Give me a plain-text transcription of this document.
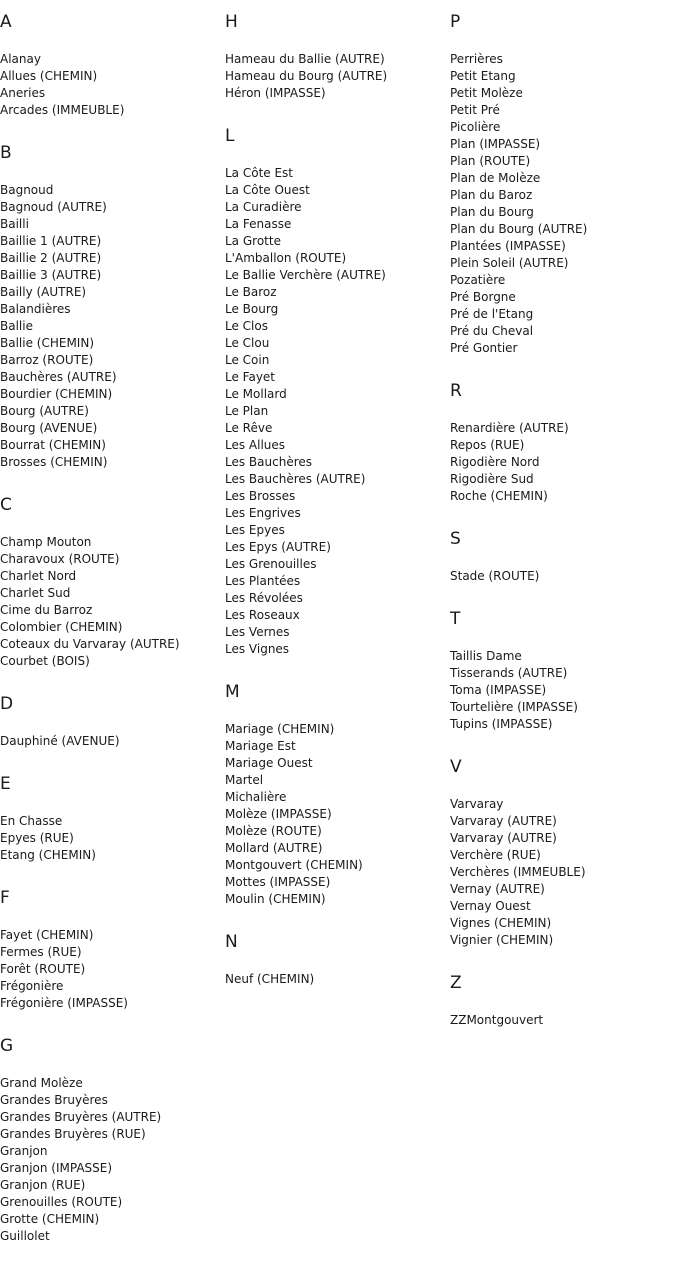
A
Alanay
Allues (CHEMIN)
Aneries
Arcades (IMMEUBLE)
B
Bagnoud
Bagnoud (AUTRE)
Bailli
Baillie 1 (AUTRE)
Baillie 2 (AUTRE)
Baillie 3 (AUTRE)
Bailly (AUTRE)
Balandières
Ballie
Ballie (CHEMIN)
Barroz (ROUTE)
Bauchères (AUTRE)
Bourdier (CHEMIN)
Bourg (AUTRE)
Bourg (AVENUE)
Bourrat (CHEMIN)
Brosses (CHEMIN)
C
Champ Mouton
Charavoux (ROUTE)
Charlet Nord
Charlet Sud
Cime du Barroz
Colombier (CHEMIN)
Coteaux du Varvaray (AUTRE)
Courbet (BOIS)
D
Dauphiné (AVENUE)
E
En Chasse
Epyes (RUE)
Etang (CHEMIN)
F
Fayet (CHEMIN)
Fermes (RUE)
Forêt (ROUTE)
Frégonière
Frégonière (IMPASSE)
G
Grand Molèze
Grandes Bruyères
Grandes Bruyères (AUTRE)
Grandes Bruyères (RUE)
Granjon
Granjon (IMPASSE)
Granjon (RUE)
Grenouilles (ROUTE)
Grotte (CHEMIN)
Guillolet
H
Hameau du Ballie (AUTRE)
Hameau du Bourg (AUTRE)
Héron (IMPASSE)
L
La Côte Est
La Côte Ouest
La Curadière
La Fenasse
La Grotte
L'Amballon (ROUTE)
Le Ballie Verchère (AUTRE)
Le Baroz
Le Bourg
Le Clos
Le Clou
Le Coin
Le Fayet
Le Mollard
Le Plan
Le Rêve
Les Allues
Les Bauchères
Les Bauchères (AUTRE)
Les Brosses
Les Engrives
Les Epyes
Les Epys (AUTRE)
Les Grenouilles
Les Plantées
Les Révolées
Les Roseaux
Les Vernes
Les Vignes
M
Mariage (CHEMIN)
Mariage Est
Mariage Ouest
Martel
Michalière
Molèze (IMPASSE)
Molèze (ROUTE)
Mollard (AUTRE)
Montgouvert (CHEMIN)
Mottes (IMPASSE)
Moulin (CHEMIN)
N
Neuf (CHEMIN)
P
Perrières
Petit Etang
Petit Molèze
Petit Pré
Picolière
Plan (IMPASSE)
Plan (ROUTE)
Plan de Molèze
Plan du Baroz
Plan du Bourg
Plan du Bourg (AUTRE)
Plantées (IMPASSE)
Plein Soleil (AUTRE)
Pozatière
Pré Borgne
Pré de l'Etang
Pré du Cheval
Pré Gontier
R
Renardière (AUTRE)
Repos (RUE)
Rigodière Nord
Rigodière Sud
Roche (CHEMIN)
S
Stade (ROUTE)
T
Taillis Dame
Tisserands (AUTRE)
Toma (IMPASSE)
Tourtelière (IMPASSE)
Tupins (IMPASSE)
V
Varvaray
Varvaray (AUTRE)
Varvaray (AUTRE)
Verchère (RUE)
Verchères (IMMEUBLE)
Vernay (AUTRE)
Vernay Ouest
Vignes (CHEMIN)
Vignier (CHEMIN)
Z
ZZMontgouvert
